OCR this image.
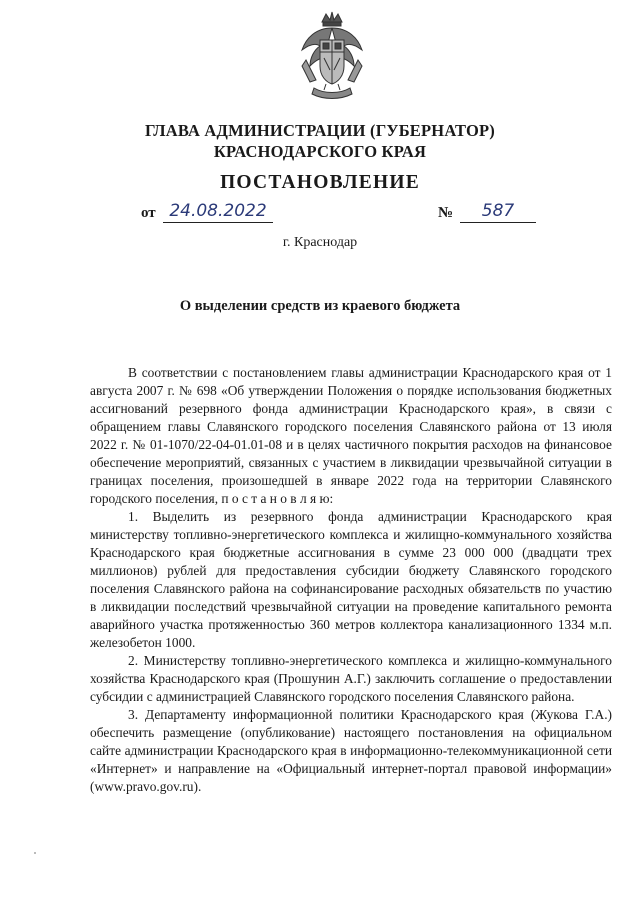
ГЛАВА АДМИНИСТРАЦИИ (ГУБЕРНАТОР)
КРАСНОДАРСКОГО КРАЯ
ПОСТАНОВЛЕНИЕ
от 24.08.2022	№	587
г. Краснодар
О выделении средств из краевого бюджета

В соответствии с постановлением главы администрации Краснодарского края от 1 августа 2007 г. № 698 «Об утверждении Положения о порядке использования бюджетных ассигнований резервного фонда администрации Краснодарского края», в связи с обращением главы Славянского городского поселения Славянского района от 13 июля 2022 г. № 01-1070/22-04-01.01-08 и в целях частичного покрытия расходов на финансовое обеспечение мероприятий, связанных с участием в ликвидации чрезвычайной ситуации в границах поселения, произошедшей в январе 2022 года на территории Славянского городского поселения, п о с т а н о в л я ю:

1. Выделить из резервного фонда администрации Краснодарского края министерству топливно-энергетического комплекса и жилищно-коммунального хозяйства Краснодарского края бюджетные ассигнования в сумме 23 000 000 (двадцати трех миллионов) рублей для предоставления субсидии бюджету Славянского городского поселения Славянского района на софинансирование расходных обязательств по участию в ликвидации последствий чрезвычайной ситуации на проведение капитального ремонта аварийного участка протяженностью 360 метров коллектора канализационного 1334 м.п. железобетон 1000.

2. Министерству топливно-энергетического комплекса и жилищно-коммунального хозяйства Краснодарского края (Прошунин А.Г.) заключить соглашение о предоставлении субсидии с администрацией Славянского городского поселения Славянского района.

3. Департаменту информационной политики Краснодарского края (Жукова Г.А.) обеспечить размещение (опубликование) настоящего постановления на официальном сайте администрации Краснодарского края в информационно-телекоммуникационной сети «Интернет» и направление на «Официальный интернет-портал правовой информации» (www.pravo.gov.ru).
